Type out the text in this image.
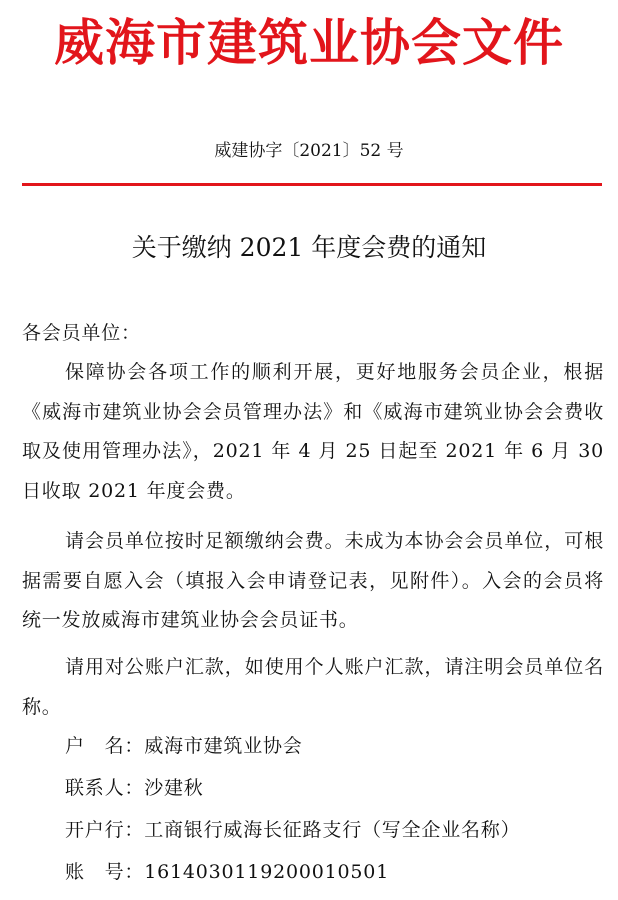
威海市建筑业协会文件
威建协字〔2021〕52 号
关于缴纳 2021 年度会费的通知
各会员单位：
保障协会各项工作的顺利开展，更好地服务会员企业，根据《威海市建筑业协会会员管理办法》和《威海市建筑业协会会费收取及使用管理办法》，2021 年 4 月 25 日起至 2021 年 6 月 30 日收取 2021 年度会费。
请会员单位按时足额缴纳会费。未成为本协会会员单位，可根据需要自愿入会（填报入会申请登记表，见附件）。入会的会员将统一发放威海市建筑业协会会员证书。
请用对公账户汇款，如使用个人账户汇款，请注明会员单位名称。
户　名：威海市建筑业协会
联系人：沙建秋
开户行：工商银行威海长征路支行（写全企业名称）
账　号：1614030119200010501
